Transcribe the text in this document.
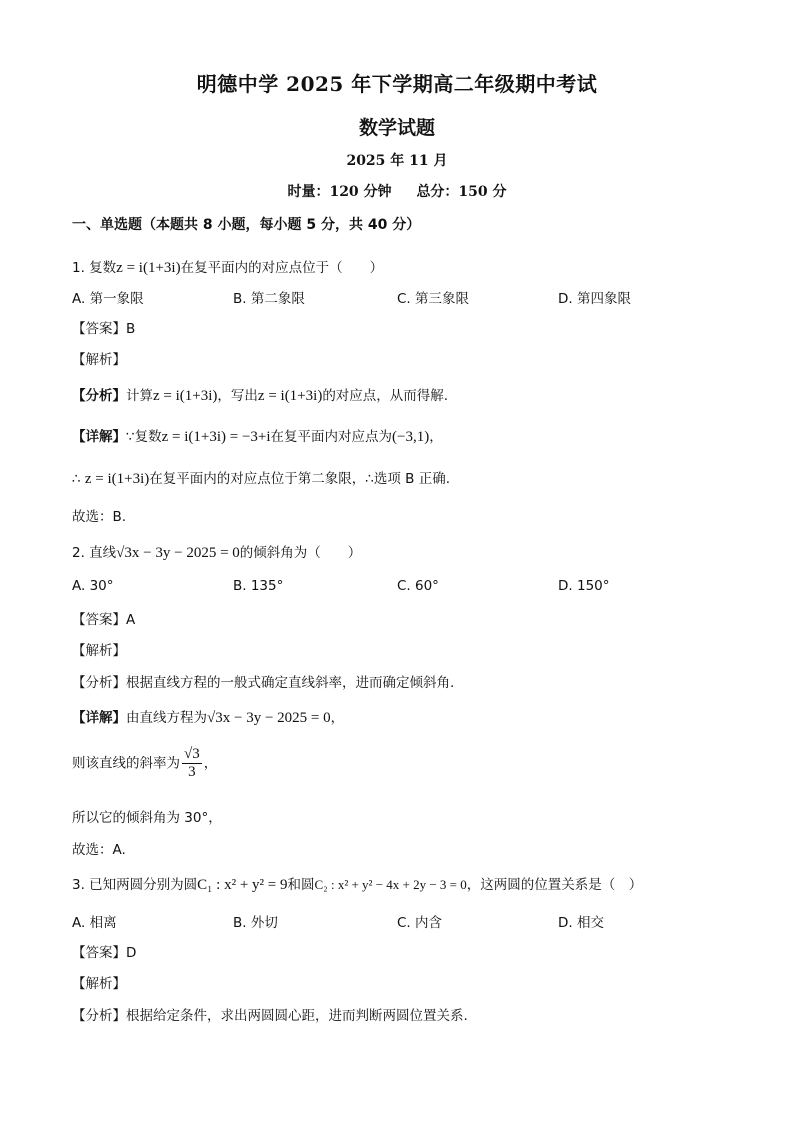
明德中学 2025 年下学期高二年级期中考试
数学试题
2025 年 11 月
时量：120 分钟 总分：150 分
一、单选题（本题共 8 小题，每小题 5 分，共 40 分）
1. 复数z = i(1+3i)在复平面内的对应点位于（　　）
A. 第一象限	B. 第二象限	C. 第三象限	D. 第四象限
【答案】B
【解析】
【分析】计算z = i(1+3i)，写出z = i(1+3i)的对应点，从而得解.
【详解】∵复数z = i(1+3i) = −3+i在复平面内对应点为(−3,1)，
∴ z = i(1+3i)在复平面内的对应点位于第二象限，∴选项 B 正确.
故选：B.
2. 直线√3x − 3y − 2025 = 0的倾斜角为（　　）
A. 30°	B. 135°	C. 60°	D. 150°
【答案】A
【解析】
【分析】根据直线方程的一般式确定直线斜率，进而确定倾斜角.
【详解】由直线方程为√3x − 3y − 2025 = 0，
则该直线的斜率为 $\frac{√3}{3}$ ，
所以它的倾斜角为 30°，
故选：A.
3. 已知两圆分别为圆C₁ : x² + y² = 9和圆C₂ : x² + y² − 4x + 2y − 3 = 0，这两圆的位置关系是（　）
A. 相离	B. 外切	C. 内含	D. 相交
【答案】D
【解析】
【分析】根据给定条件，求出两圆圆心距，进而判断两圆位置关系.
